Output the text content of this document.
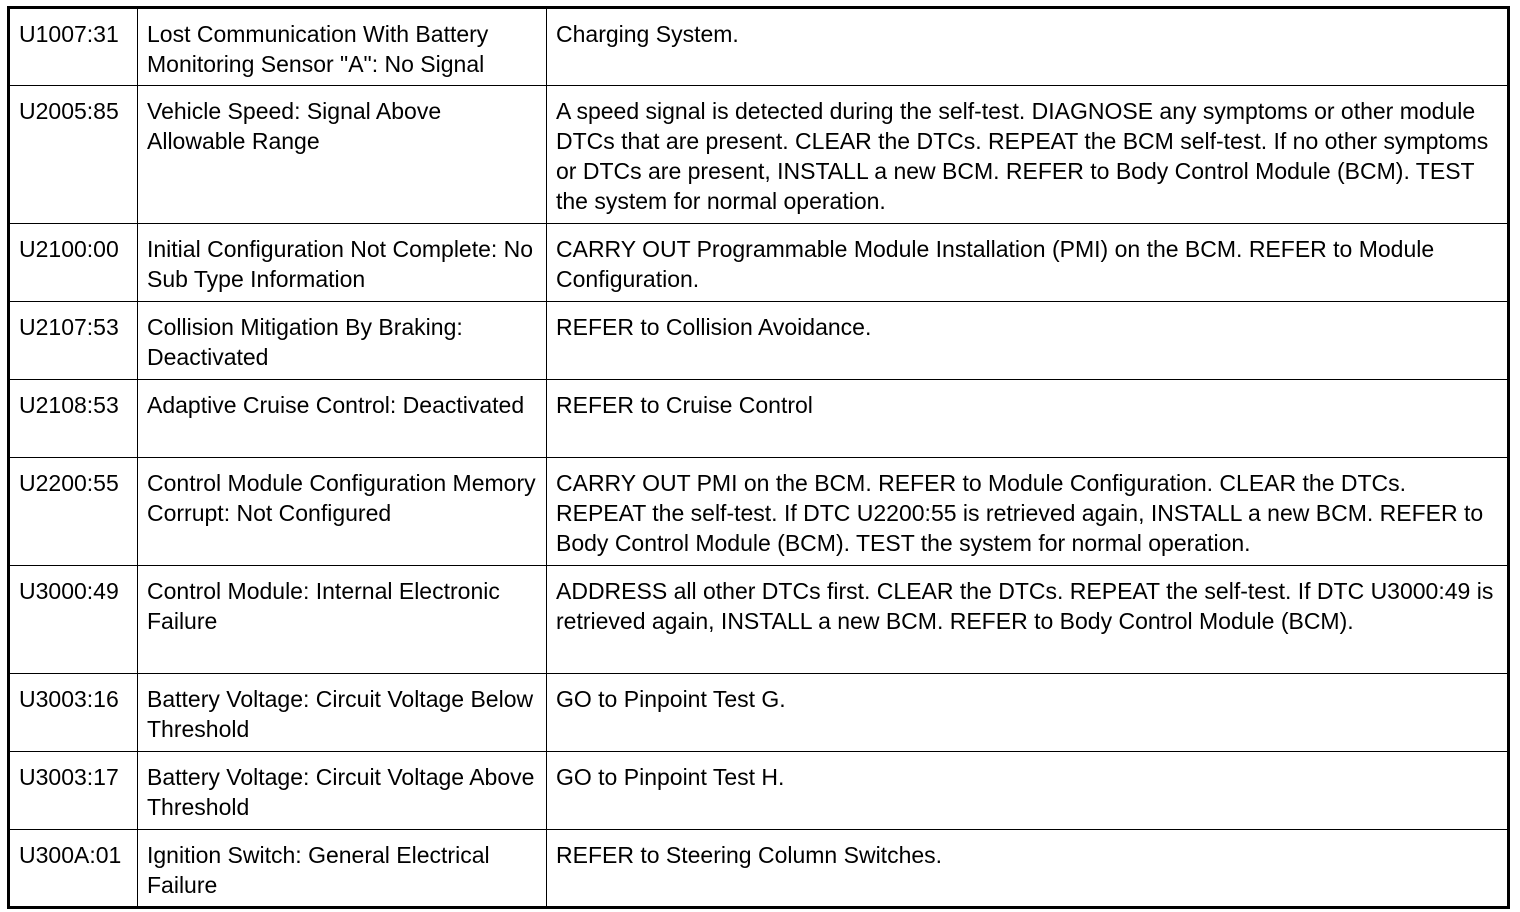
U1007:31	Lost Communication With Battery Monitoring Sensor "A": No Signal	Charging System.
U2005:85	Vehicle Speed: Signal Above Allowable Range	A speed signal is detected during the self-test. DIAGNOSE any symptoms or other module DTCs that are present. CLEAR the DTCs. REPEAT the BCM self-test. If no other symptoms or DTCs are present, INSTALL a new BCM. REFER to Body Control Module (BCM). TEST the system for normal operation.
U2100:00	Initial Configuration Not Complete: No Sub Type Information	CARRY OUT Programmable Module Installation (PMI) on the BCM. REFER to Module Configuration.
U2107:53	Collision Mitigation By Braking: Deactivated	REFER to Collision Avoidance.
U2108:53	Adaptive Cruise Control: Deactivated	REFER to Cruise Control
U2200:55	Control Module Configuration Memory Corrupt: Not Configured	CARRY OUT PMI on the BCM. REFER to Module Configuration. CLEAR the DTCs. REPEAT the self-test. If DTC U2200:55 is retrieved again, INSTALL a new BCM. REFER to Body Control Module (BCM). TEST the system for normal operation.
U3000:49	Control Module: Internal Electronic Failure	ADDRESS all other DTCs first. CLEAR the DTCs. REPEAT the self-test. If DTC U3000:49 is retrieved again, INSTALL a new BCM. REFER to Body Control Module (BCM).
U3003:16	Battery Voltage: Circuit Voltage Below Threshold	GO to Pinpoint Test G.
U3003:17	Battery Voltage: Circuit Voltage Above Threshold	GO to Pinpoint Test H.
U300A:01	Ignition Switch: General Electrical Failure	REFER to Steering Column Switches.
